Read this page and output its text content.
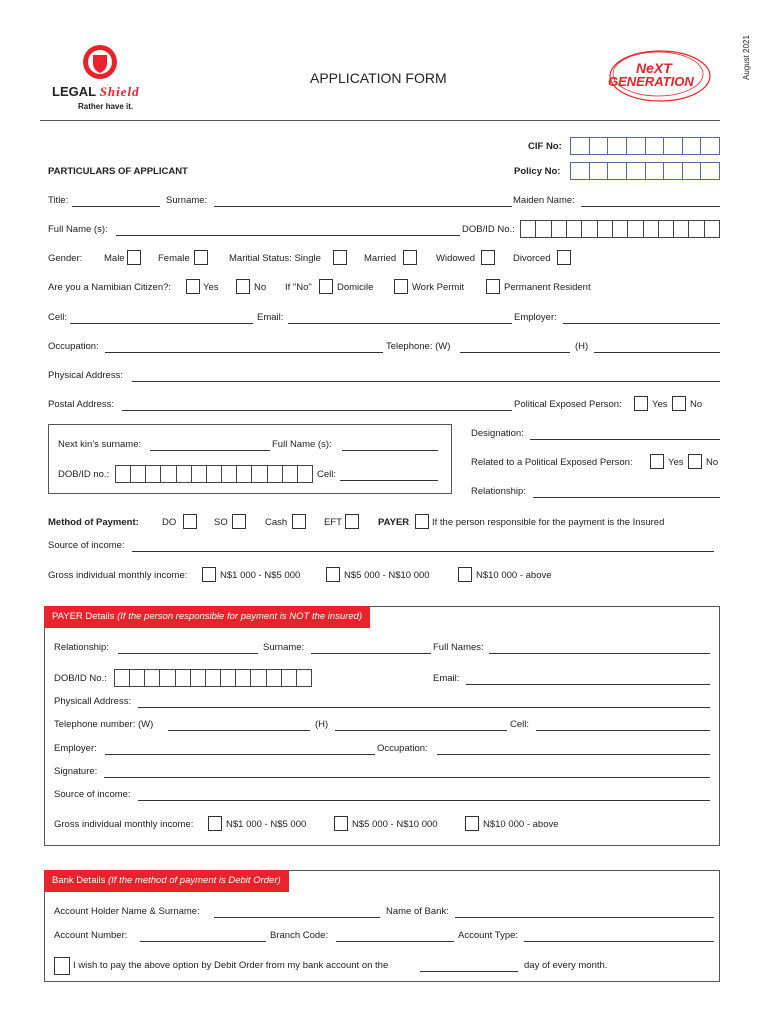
August 2021
LEGAL Shield
Rather have it.
APPLICATION FORM
NeXT
GENERATION
CIF No:
PARTICULARS OF APPLICANT	Policy No:
Title:	Surname:	Maiden Name:
Full Name (s):	DOB/ID No.:
Gender: Male	Female	Maritial Status: Single	Married	Widowed	Divorced
Are you a Namibian Citizen?:	Yes	No If "No"	Domicile	Work Permit	Permanent Resident
Cell:	Email:	Employer:
Occupation:	Telephone: (W)	(H)
Physical Address:
Postal Address:	Political Exposed Person:	Yes No
Next kin's surname:	Full Name (s):
DOB/ID no.:	Cell:
Designation:
Related to a Political Exposed Person:	Yes No
Relationship:
Method of Payment: DO	SO	Cash	EFT	PAYER If the person responsible for the payment is the Insured
Source of income:
Gross individual monthly income:	N$1 000 - N$5 000	N$5 000 - N$10 000	N$10 000 - above
PAYER Details (If the person responsible for payment is NOT the insured)
Relationship:	Surname:	Full Names:
DOB/ID No.:	Email:
Physicall Address:
Telephone number: (W)	(H)	Cell:
Employer:	Occupation:
Signature:
Source of income:
Gross individual monthly income:	N$1 000 - N$5 000	N$5 000 - N$10 000	N$10 000 - above
Bank Details (If the method of payment is Debit Order)
Account Holder Name & Surname:	Name of Bank:
Account Number:	Branch Code:	Account Type:
I wish to pay the above option by Debit Order from my bank account on the	day of every month.
